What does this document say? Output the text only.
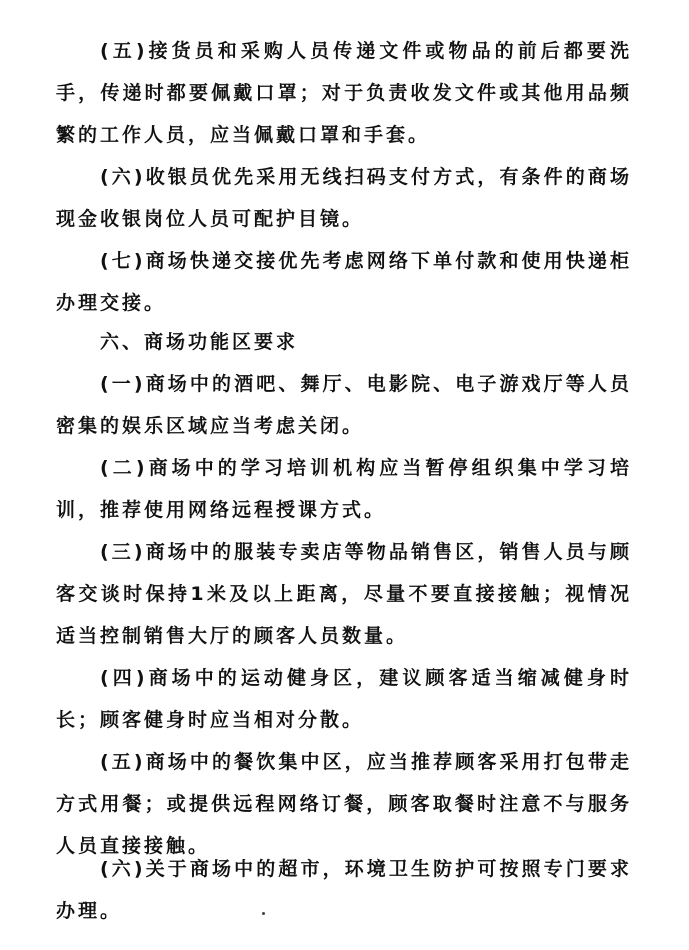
(五)接货员和采购人员传递文件或物品的前后都要洗手，传递时都要佩戴口罩；对于负责收发文件或其他用品频繁的工作人员，应当佩戴口罩和手套。

(六)收银员优先采用无线扫码支付方式，有条件的商场现金收银岗位人员可配护目镜。

(七)商场快递交接优先考虑网络下单付款和使用快递柜办理交接。

六、商场功能区要求

(一)商场中的酒吧、舞厅、电影院、电子游戏厅等人员密集的娱乐区域应当考虑关闭。

(二)商场中的学习培训机构应当暂停组织集中学习培训，推荐使用网络远程授课方式。

(三)商场中的服装专卖店等物品销售区，销售人员与顾客交谈时保持1米及以上距离，尽量不要直接接触；视情况适当控制销售大厅的顾客人员数量。

(四)商场中的运动健身区，建议顾客适当缩减健身时长；顾客健身时应当相对分散。

(五)商场中的餐饮集中区，应当推荐顾客采用打包带走方式用餐；或提供远程网络订餐，顾客取餐时注意不与服务人员直接接触。

(六)关于商场中的超市，环境卫生防护可按照专门要求办理。
